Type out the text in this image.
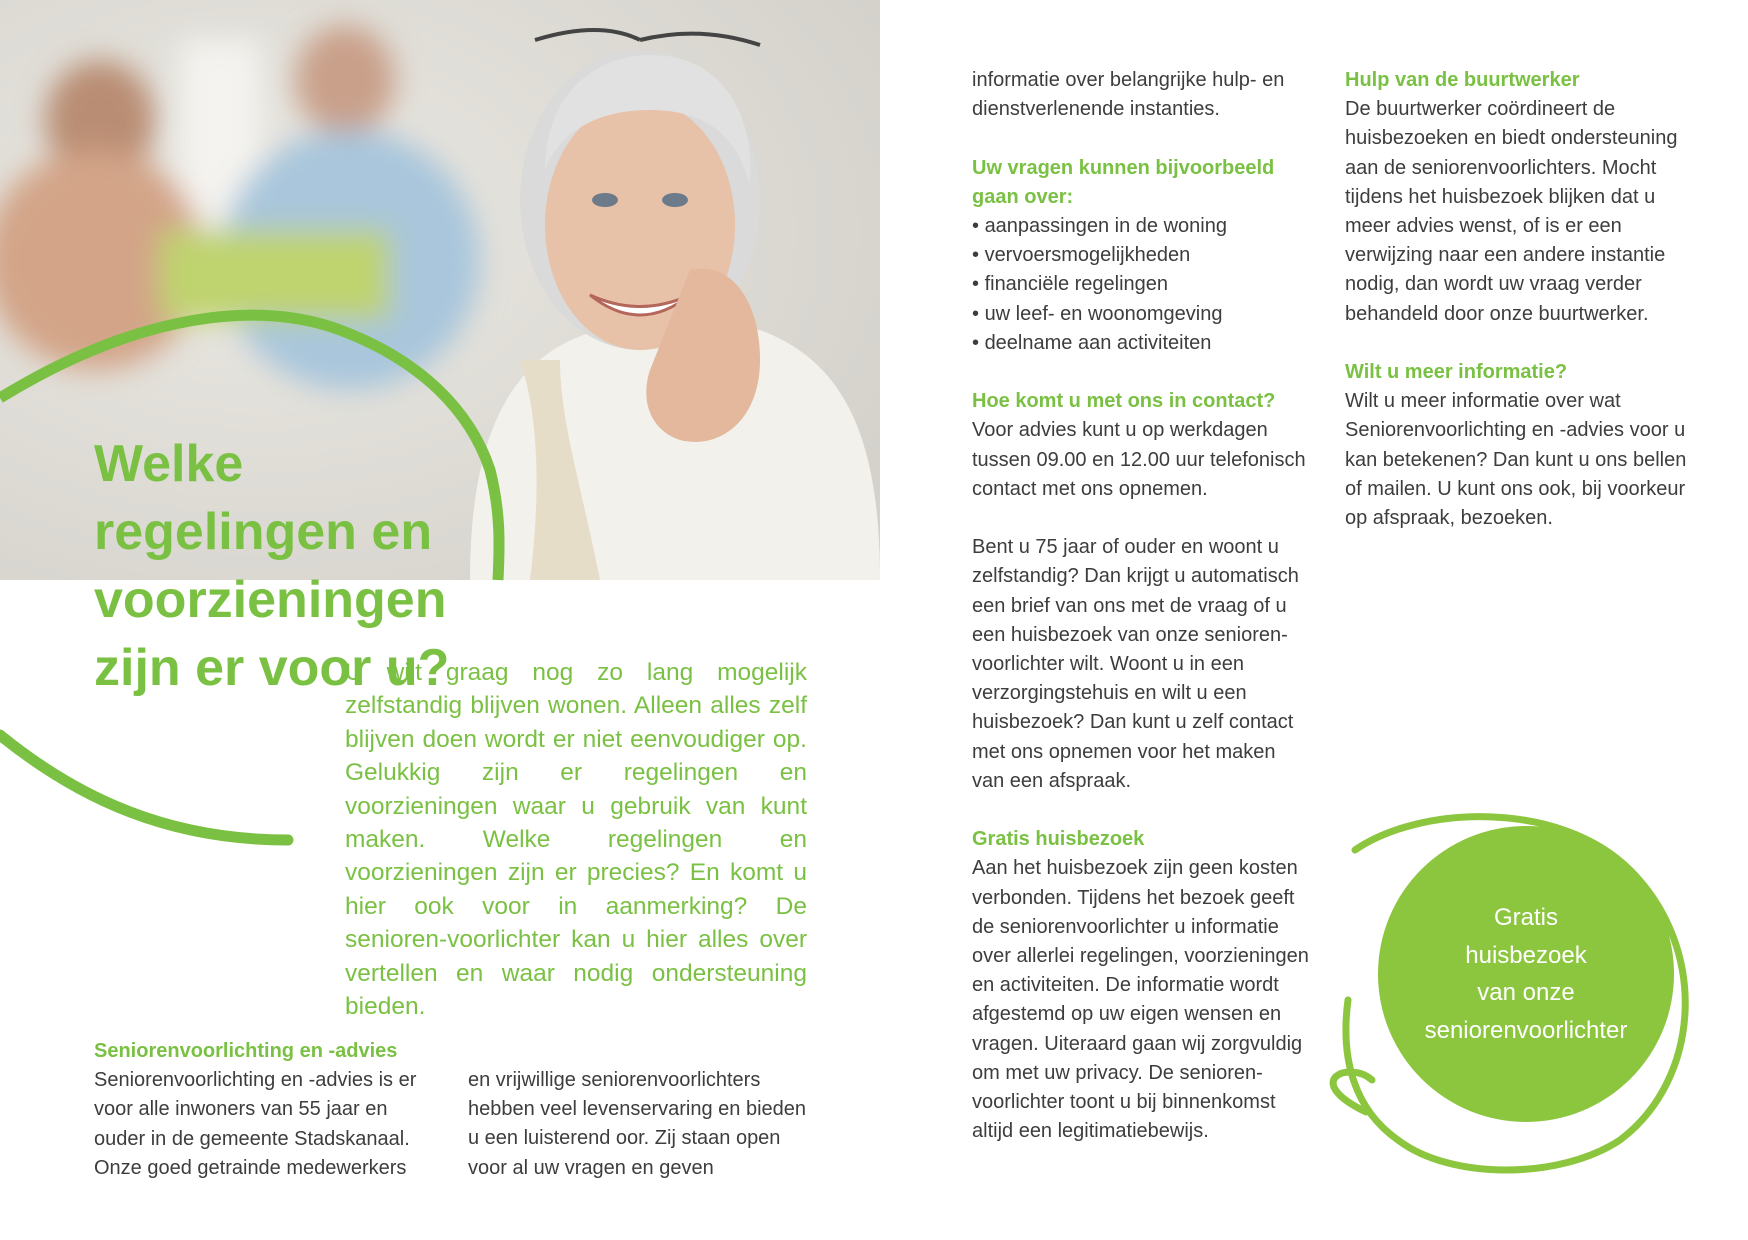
Welke regelingen en voorzieningen zijn er voor u?

U wilt graag nog zo lang mogelijk zelfstandig blijven wonen. Alleen alles zelf blijven doen wordt er niet eenvoudiger op. Gelukkig zijn er regelingen en voorzieningen waar u gebruik van kunt maken. Welke regelingen en voorzieningen zijn er precies? En komt u hier ook voor in aanmerking? De senioren-voorlichter kan u hier alles over vertellen en waar nodig ondersteuning bieden.

Seniorenvoorlichting en -advies

Seniorenvoorlichting en -advies is er voor alle inwoners van 55 jaar en ouder in de gemeente Stadskanaal. Onze goed getrainde medewerkers

en vrijwillige seniorenvoorlichters hebben veel levenservaring en bieden u een luisterend oor. Zij staan open voor al uw vragen en geven

informatie over belangrijke hulp- en dienstverlenende instanties.

Uw vragen kunnen bijvoorbeeld gaan over:

• aanpassingen in de woning
• vervoersmogelijkheden
• financiële regelingen
• uw leef- en woonomgeving
• deelname aan activiteiten

Hoe komt u met ons in contact?

Voor advies kunt u op werkdagen tussen 09.00 en 12.00 uur telefonisch contact met ons opnemen.

Bent u 75 jaar of ouder en woont u zelfstandig? Dan krijgt u automatisch een brief van ons met de vraag of u een huisbezoek van onze senioren-voorlichter wilt. Woont u in een verzorgingstehuis en wilt u een huisbezoek? Dan kunt u zelf contact met ons opnemen voor het maken van een afspraak.

Gratis huisbezoek

Aan het huisbezoek zijn geen kosten verbonden. Tijdens het bezoek geeft de seniorenvoorlichter u informatie over allerlei regelingen, voorzieningen en activiteiten. De informatie wordt afgestemd op uw eigen wensen en vragen. Uiteraard gaan wij zorgvuldig om met uw privacy. De senioren-voorlichter toont u bij binnenkomst altijd een legitimatiebewijs.

Hulp van de buurtwerker

De buurtwerker coördineert de huisbezoeken en biedt ondersteuning aan de seniorenvoorlichters. Mocht tijdens het huisbezoek blijken dat u meer advies wenst, of is er een verwijzing naar een andere instantie nodig, dan wordt uw vraag verder behandeld door onze buurtwerker.

Wilt u meer informatie?

Wilt u meer informatie over wat Seniorenvoorlichting en -advies voor u kan betekenen? Dan kunt u ons bellen of mailen. U kunt ons ook, bij voorkeur op afspraak, bezoeken.

Gratis
huisbezoek
van onze
seniorenvoorlichter
